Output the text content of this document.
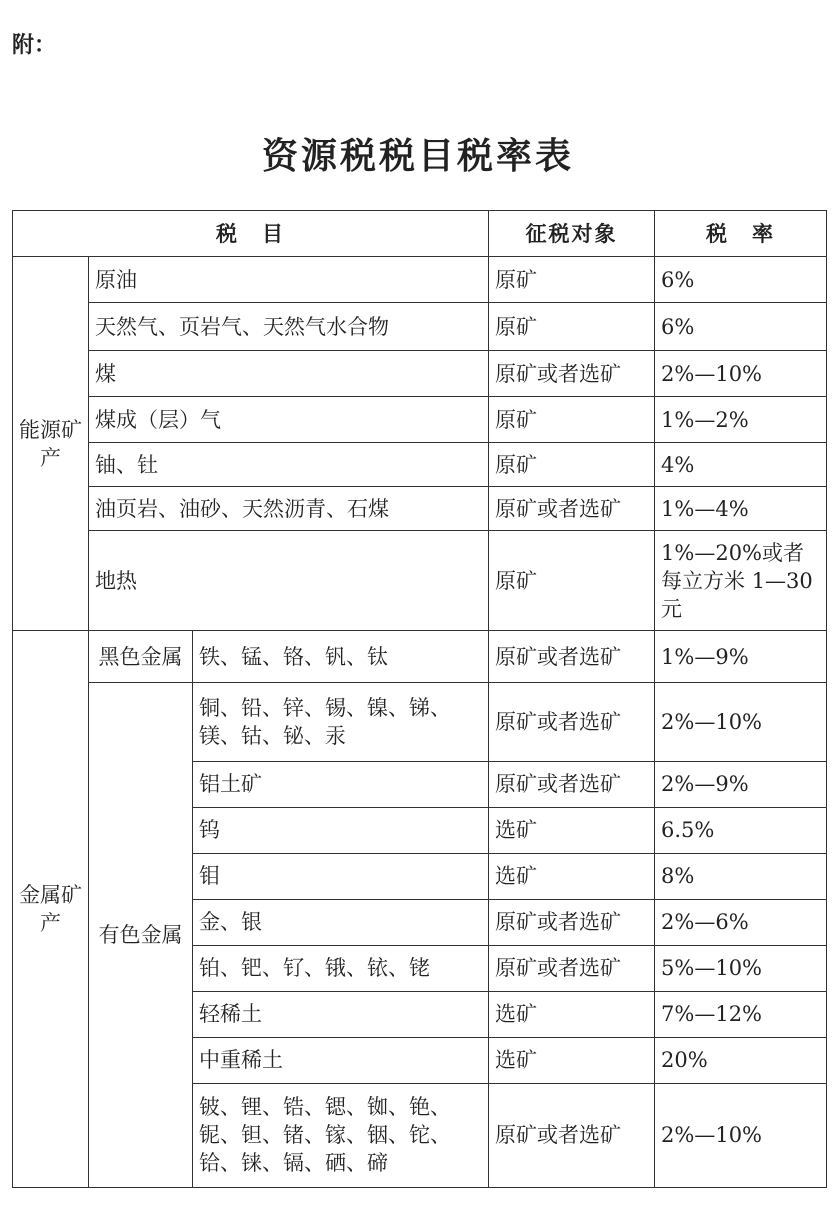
附：
资源税税目税率表
税　目			征税对象	税　率
能源矿产	原油		原矿	6%
	天然气、页岩气、天然气水合物		原矿	6%
	煤		原矿或者选矿	2%—10%
	煤成（层）气		原矿	1%—2%
	铀、钍		原矿	4%
	油页岩、油砂、天然沥青、石煤		原矿或者选矿	1%—4%
	地热		原矿	1%—20%或者每立方米 1—30元
金属矿产	黑色金属	铁、锰、铬、钒、钛	原矿或者选矿	1%—9%
	有色金属	铜、铅、锌、锡、镍、锑、镁、钴、铋、汞	原矿或者选矿	2%—10%
		铝土矿	原矿或者选矿	2%—9%
		钨	选矿	6.5%
		钼	选矿	8%
		金、银	原矿或者选矿	2%—6%
		铂、钯、钌、锇、铱、铑	原矿或者选矿	5%—10%
		轻稀土	选矿	7%—12%
		中重稀土	选矿	20%
		铍、锂、锆、锶、铷、铯、铌、钽、锗、镓、铟、铊、铪、铼、镉、硒、碲	原矿或者选矿	2%—10%
